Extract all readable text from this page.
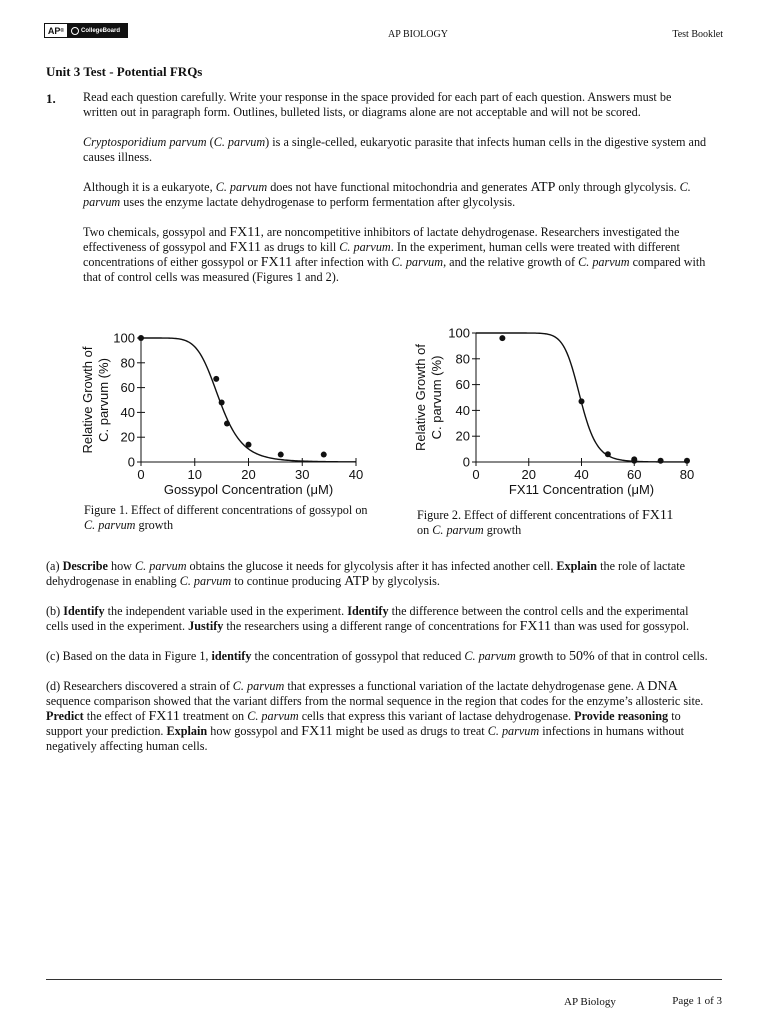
AP ®	CollegeBoard	AP BIOLOGY	Test Booklet
Unit 3 Test - Potential FRQs
1. Read each question carefully. Write your response in the space provided for each part of each question. Answers must be written out in paragraph form. Outlines, bulleted lists, or diagrams alone are not acceptable and will not be scored.

Cryptosporidium parvum (C. parvum) is a single-celled, eukaryotic parasite that infects human cells in the digestive system and causes illness.

Although it is a eukaryote, C. parvum does not have functional mitochondria and generates ATP only through glycolysis. C. parvum uses the enzyme lactate dehydrogenase to perform fermentation after glycolysis.

Two chemicals, gossypol and FX11, are noncompetitive inhibitors of lactate dehydrogenase. Researchers investigated the effectiveness of gossypol and FX11 as drugs to kill C. parvum. In the experiment, human cells were treated with different concentrations of either gossypol or FX11 after infection with C. parvum, and the relative growth of C. parvum compared with that of control cells was measured (Figures 1 and 2).

0
20
40
60
80
100
0	10	20	30	40
Gossypol Concentration (μM)
Relative Growth of C. parvum (%)
Figure 1. Effect of different concentrations of gossypol on C. parvum growth
0
20
40
60
80
100
0	20	40	60	80
FX11 Concentration (μM)
Relative Growth of C. parvum (%)
Figure 2. Effect of different concentrations of FX11 on C. parvum growth

(a) Describe how C. parvum obtains the glucose it needs for glycolysis after it has infected another cell. Explain the role of lactate dehydrogenase in enabling C. parvum to continue producing ATP by glycolysis.

(b) Identify the independent variable used in the experiment. Identify the difference between the control cells and the experimental cells used in the experiment. Justify the researchers using a different range of concentrations for FX11 than was used for gossypol.

(c) Based on the data in Figure 1, identify the concentration of gossypol that reduced C. parvum growth to 50% of that in control cells.

(d) Researchers discovered a strain of C. parvum that expresses a functional variation of the lactate dehydrogenase gene. A DNA sequence comparison showed that the variant differs from the normal sequence in the region that codes for the enzyme’s allosteric site. Predict the effect of FX11 treatment on C. parvum cells that express this variant of lactase dehydrogenase. Provide reasoning to support your prediction. Explain how gossypol and FX11 might be used as drugs to treat C. parvum infections in humans without negatively affecting human cells.

AP Biology	Page 1 of 3
